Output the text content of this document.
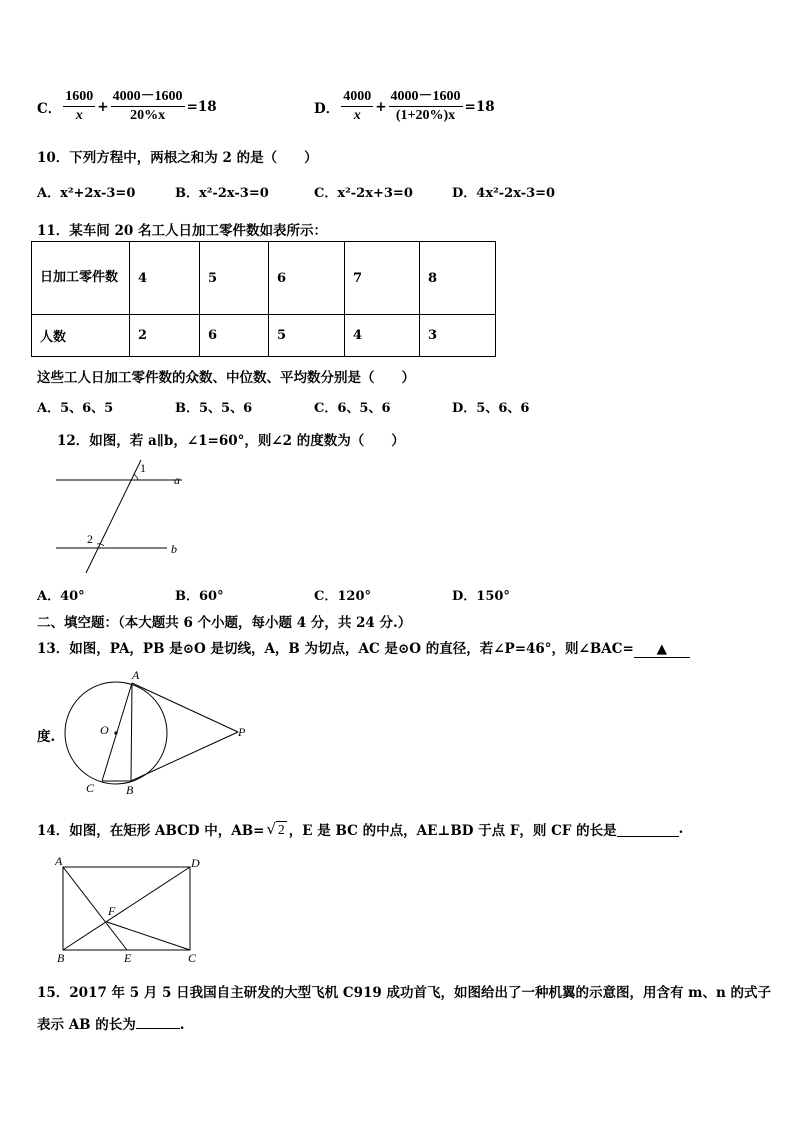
C． $\frac{1600}{x} + \frac{4000-1600}{20\%x} =18$	D． $\frac{4000}{x} + \frac{4000-1600}{(1+20\%)x} =18$
10．下列方程中，两根之和为 2 的是（　　）
A．x²+2x-3=0	B．x²-2x-3=0	C．x²-2x+3=0	D．4x²-2x-3=0
11．某车间 20 名工人日加工零件数如表所示：
日加工零件数	4	5	6	7	8
人数	2	6	5	4	3
这些工人日加工零件数的众数、中位数、平均数分别是（　　）
A．5、6、5	B．5、5、6	C．6、5、6	D．5、6、6
12．如图，若 a∥b，∠1=60°，则∠2 的度数为（　　）
1
2
a
b
A．40°	B．60°	C．120°	D．150°
二、填空题：（本大题共 6 个小题，每小题 4 分，共 24 分.）
13．如图，PA，PB 是⊙O 是切线，A，B 为切点，AC 是⊙O 的直径，若∠P=46°，则∠BAC= ▲
度.
A
O	P
C	B
14．如图，在矩形 ABCD 中，AB= √ 2 ，E 是 BC 的中点，AE⊥BD 于点 F，则 CF 的长是	.
A	D
F
B	E	C
15．2017 年 5 月 5 日我国自主研发的大型飞机 C919 成功首飞，如图给出了一种机翼的示意图，用含有 m、n 的式子
表示 AB 的长为	.
